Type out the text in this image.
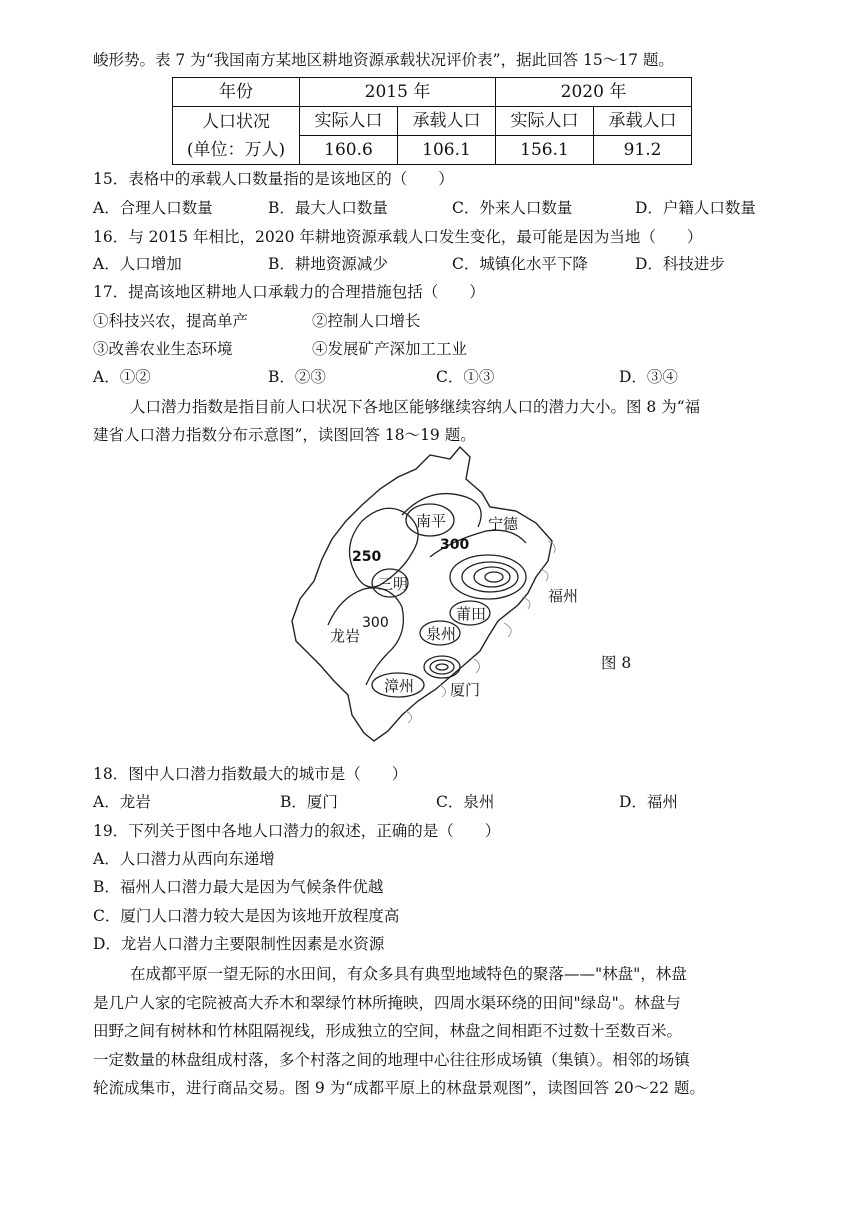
峻形势。表 7 为“我国南方某地区耕地资源承载状况评价表”，据此回答 15～17 题。
年份	2015 年		2020 年	

人口状况
(单位：万人)	实际人口	承载人口	实际人口	承载人口
	160.6	106.1	156.1	91.2
15．表格中的承载人口数量指的是该地区的（　　）
A．合理人口数量	B．最大人口数量	C．外来人口数量	D．户籍人口数量
16．与 2015 年相比，2020 年耕地资源承载人口发生变化，最可能是因为当地（　　）
A．人口增加	B．耕地资源减少	C．城镇化水平下降	D．科技进步
17．提高该地区耕地人口承载力的合理措施包括（　　）
①科技兴农，提高单产	②控制人口增长
③改善农业生态环境	④发展矿产深加工工业
A．①②	B．②③	C．①③	D．③④
人口潜力指数是指目前人口状况下各地区能够继续容纳人口的潜力大小。图 8 为“福
建省人口潜力指数分布示意图”，读图回答 18～19 题。
南平	宁德
三明
福州
莆田
龙岩	泉州
漳州 厦门
250
300
300
图 8
18．图中人口潜力指数最大的城市是（　　）
A．龙岩	B．厦门	C．泉州	D．福州
19．下列关于图中各地人口潜力的叙述，正确的是（　　）
A．人口潜力从西向东递增
B．福州人口潜力最大是因为气候条件优越
C．厦门人口潜力较大是因为该地开放程度高
D．龙岩人口潜力主要限制性因素是水资源
在成都平原一望无际的水田间，有众多具有典型地域特色的聚落——"林盘"，林盘
是几户人家的宅院被高大乔木和翠绿竹林所掩映，四周水渠环绕的田间"绿岛"。林盘与
田野之间有树林和竹林阻隔视线，形成独立的空间，林盘之间相距不过数十至数百米。
一定数量的林盘组成村落，多个村落之间的地理中心往往形成场镇（集镇）。相邻的场镇
轮流成集市，进行商品交易。图 9 为“成都平原上的林盘景观图”，读图回答 20～22 题。
